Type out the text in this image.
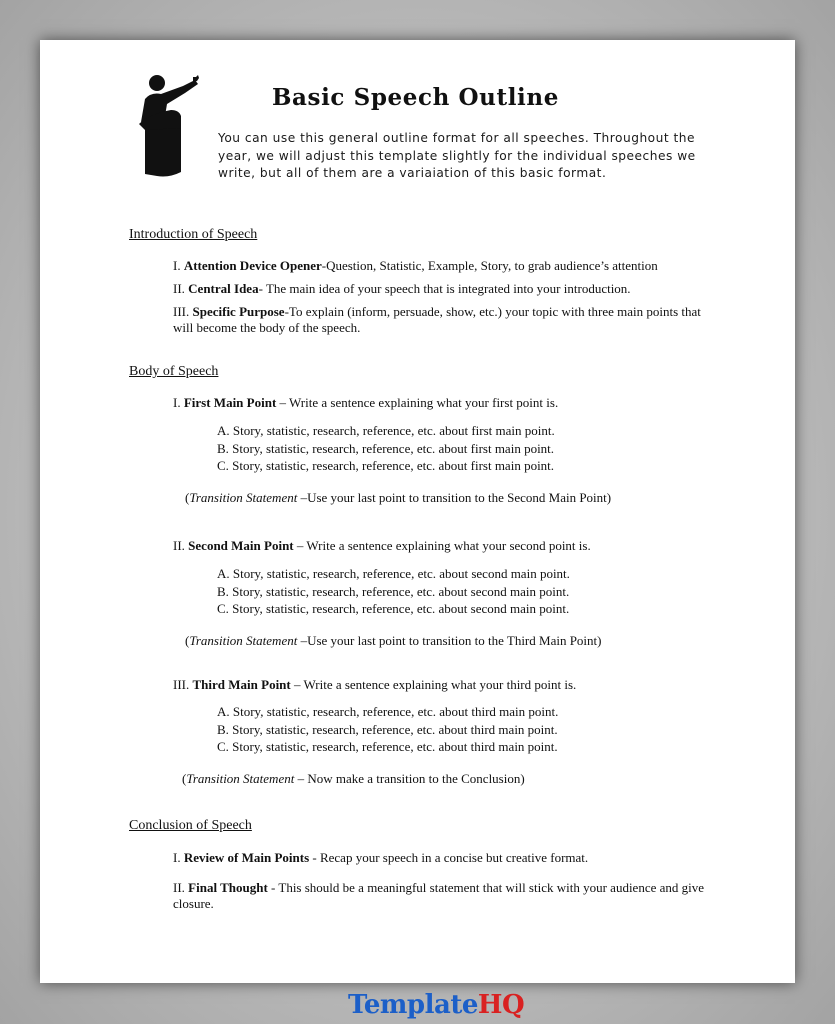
Basic Speech Outline

You can use this general outline format for all speeches. Throughout the year, we will adjust this template slightly for the individual speeches we write, but all of them are a variaiation of this basic format.

Introduction of Speech

I. Attention Device Opener-Question, Statistic, Example, Story, to grab audience’s attention

II. Central Idea- The main idea of your speech that is integrated into your introduction.

III. Specific Purpose-To explain (inform, persuade, show, etc.) your topic with three main points that will become the body of the speech.

Body of Speech

I. First Main Point – Write a sentence explaining what your first point is.

A. Story, statistic, research, reference, etc. about first main point.
B. Story, statistic, research, reference, etc. about first main point.
C. Story, statistic, research, reference, etc. about first main point.

(Transition Statement –Use your last point to transition to the Second Main Point)

II. Second Main Point – Write a sentence explaining what your second point is.

A. Story, statistic, research, reference, etc. about second main point.
B. Story, statistic, research, reference, etc. about second main point.
C. Story, statistic, research, reference, etc. about second main point.

(Transition Statement –Use your last point to transition to the Third Main Point)

III. Third Main Point – Write a sentence explaining what your third point is.

A. Story, statistic, research, reference, etc. about third main point.
B. Story, statistic, research, reference, etc. about third main point.
C. Story, statistic, research, reference, etc. about third main point.

(Transition Statement – Now make a transition to the Conclusion)

Conclusion of Speech

I. Review of Main Points - Recap your speech in a concise but creative format.

II. Final Thought - This should be a meaningful statement that will stick with your audience and give closure.

TemplateHQ
